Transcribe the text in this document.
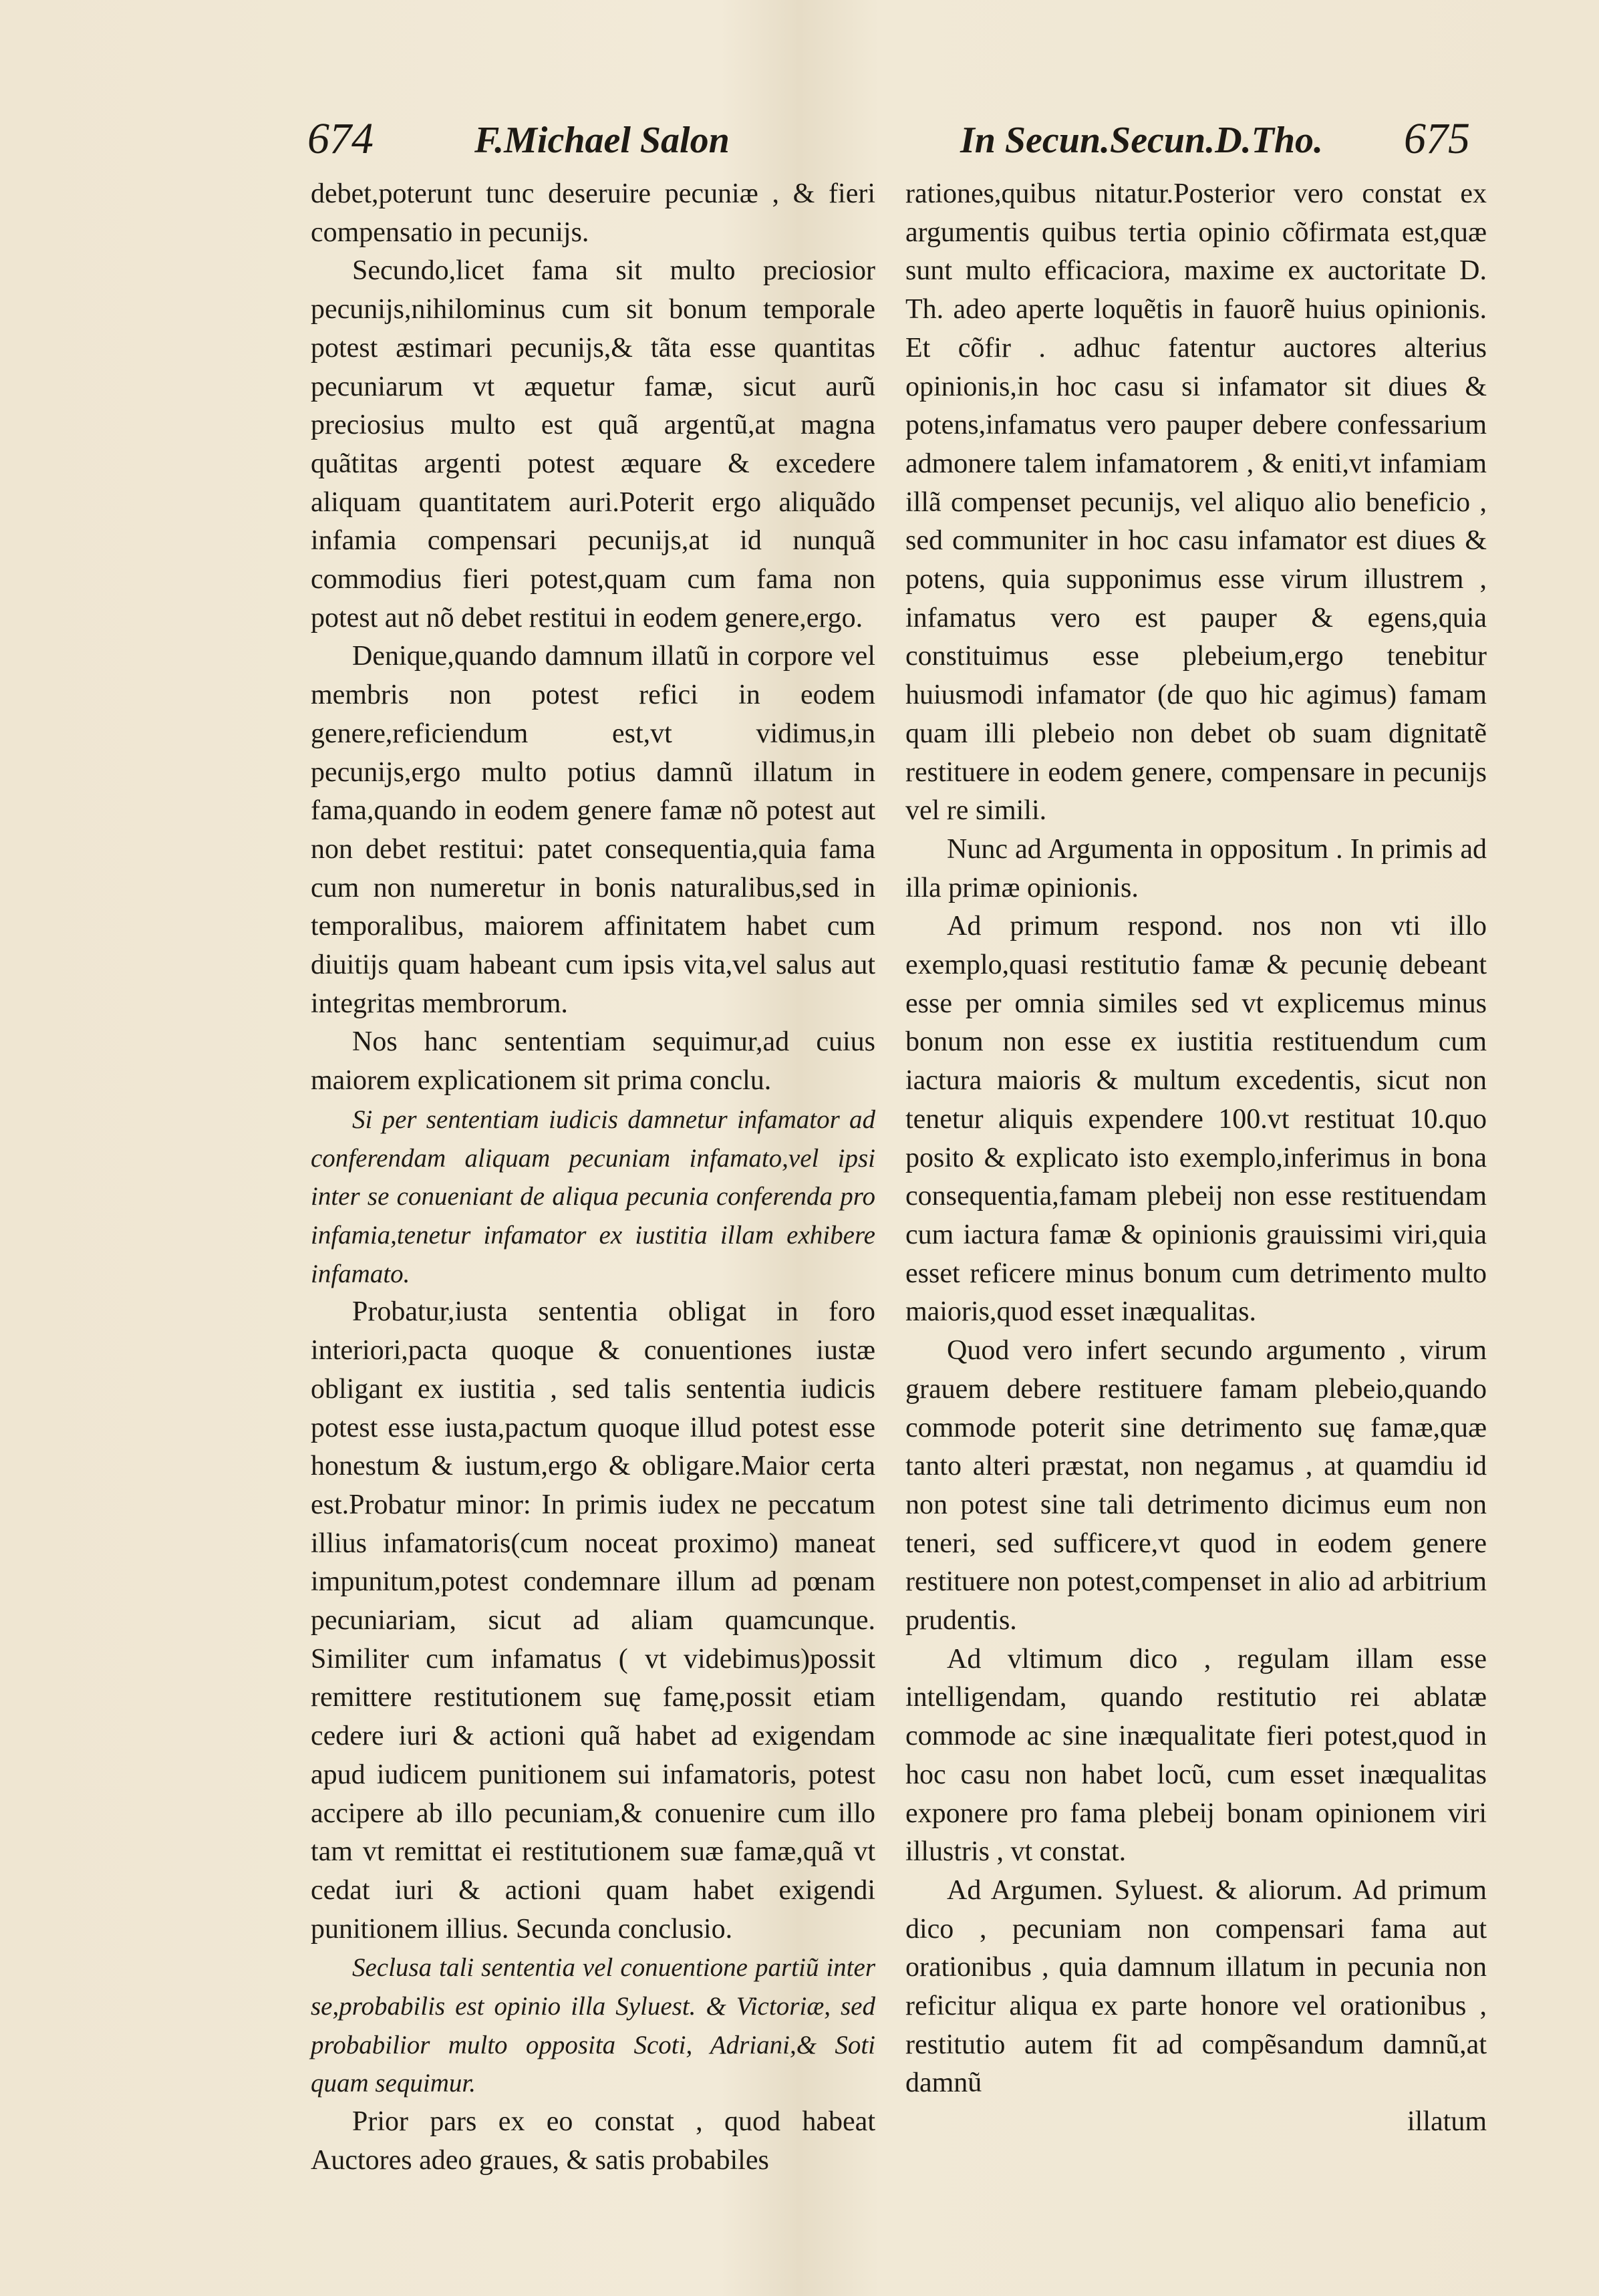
674	F.Michael Salon	In Secun.Secun.D.Tho. 675

debet,poterunt tunc deseruire pecuniæ , & fieri compensatio in pecunijs.

Secundo,licet fama sit multo preciosior pecunijs,nihilominus cum sit bonum temporale potest æstimari pecunijs,& tãta esse quantitas pecuniarum vt æquetur famæ, sicut aurũ preciosius multo est quã argentũ,at magna quãtitas argenti potest æquare & excedere aliquam quantitatem auri.Poterit ergo aliquãdo infamia compensari pecunijs,at id nunquã commodius fieri potest,quam cum fama non potest aut nõ debet restitui in eodem genere,ergo.

Denique,quando damnum illatũ in corpore vel membris non potest refici in eodem genere,reficiendum est,vt vidimus,in pecunijs,ergo multo potius damnũ illatum in fama,quando in eodem genere famæ nõ potest aut non debet restitui: patet consequentia,quia fama cum non numeretur in bonis naturalibus,sed in temporalibus, maiorem affinitatem habet cum diuitijs quam habeant cum ipsis vita,vel salus aut integritas membrorum.

Nos hanc sententiam sequimur,ad cuius maiorem explicationem sit prima conclu.

Si per sententiam iudicis damnetur infamator ad conferendam aliquam pecuniam infamato,vel ipsi inter se conueniant de aliqua pecunia conferenda pro infamia,tenetur infamator ex iustitia illam exhibere infamato.

Probatur,iusta sententia obligat in foro interiori,pacta quoque & conuentiones iustæ obligant ex iustitia , sed talis sententia iudicis potest esse iusta,pactum quoque illud potest esse honestum & iustum,ergo & obligare.Maior certa est.Probatur minor: In primis iudex ne peccatum illius infamatoris(cum noceat proximo) maneat impunitum,potest condemnare illum ad pœnam pecuniariam, sicut ad aliam quamcunque. Similiter cum infamatus ( vt videbimus)possit remittere restitutionem suę famę,possit etiam cedere iuri & actioni quã habet ad exigendam apud iudicem punitionem sui infamatoris, potest accipere ab illo pecuniam,& conuenire cum illo tam vt remittat ei restitutionem suæ famæ,quã vt cedat iuri & actioni quam habet exigendi punitionem illius. Secunda conclusio.

Seclusa tali sententia vel conuentione partiũ inter se,probabilis est opinio illa Syluest. & Victoriæ, sed probabilior multo opposita Scoti, Adriani,& Soti quam sequimur.

Prior pars ex eo constat , quod habeat Auctores adeo graues, & satis probabiles

rationes,quibus nitatur.Posterior vero constat ex argumentis quibus tertia opinio cõfirmata est,quæ sunt multo efficaciora, maxime ex auctoritate D. Th. adeo aperte loquẽtis in fauorẽ huius opinionis. Et cõfir . adhuc fatentur auctores alterius opinionis,in hoc casu si infamator sit diues & potens,infamatus vero pauper debere confessarium admonere talem infamatorem , & eniti,vt infamiam illã compenset pecunijs, vel aliquo alio beneficio , sed communiter in hoc casu infamator est diues & potens, quia supponimus esse virum illustrem , infamatus vero est pauper & egens,quia constituimus esse plebeium,ergo tenebitur huiusmodi infamator (de quo hic agimus) famam quam illi plebeio non debet ob suam dignitatẽ restituere in eodem genere, compensare in pecunijs vel re simili.

Nunc ad Argumenta in oppositum . In primis ad illa primæ opinionis.

Ad primum respond. nos non vti illo exemplo,quasi restitutio famæ & pecunię debeant esse per omnia similes sed vt explicemus minus bonum non esse ex iustitia restituendum cum iactura maioris & multum excedentis, sicut non tenetur aliquis expendere 100.vt restituat 10.quo posito & explicato isto exemplo,inferimus in bona consequentia,famam plebeij non esse restituendam cum iactura famæ & opinionis grauissimi viri,quia esset reficere minus bonum cum detrimento multo maioris,quod esset inæqualitas.

Quod vero infert secundo argumento , virum grauem debere restituere famam plebeio,quando commode poterit sine detrimento suę famæ,quæ tanto alteri præstat, non negamus , at quamdiu id non potest sine tali detrimento dicimus eum non teneri, sed sufficere,vt quod in eodem genere restituere non potest,compenset in alio ad arbitrium prudentis.

Ad vltimum dico , regulam illam esse intelligendam, quando restitutio rei ablatæ commode ac sine inæqualitate fieri potest,quod in hoc casu non habet locũ, cum esset inæqualitas exponere pro fama plebeij bonam opinionem viri illustris , vt constat.

Ad Argumen. Syluest. & aliorum. Ad primum dico , pecuniam non compensari fama aut orationibus , quia damnum illatum in pecunia non reficitur aliqua ex parte honore vel orationibus , restitutio autem fit ad compẽsandum damnũ,at damnũ

illatum
